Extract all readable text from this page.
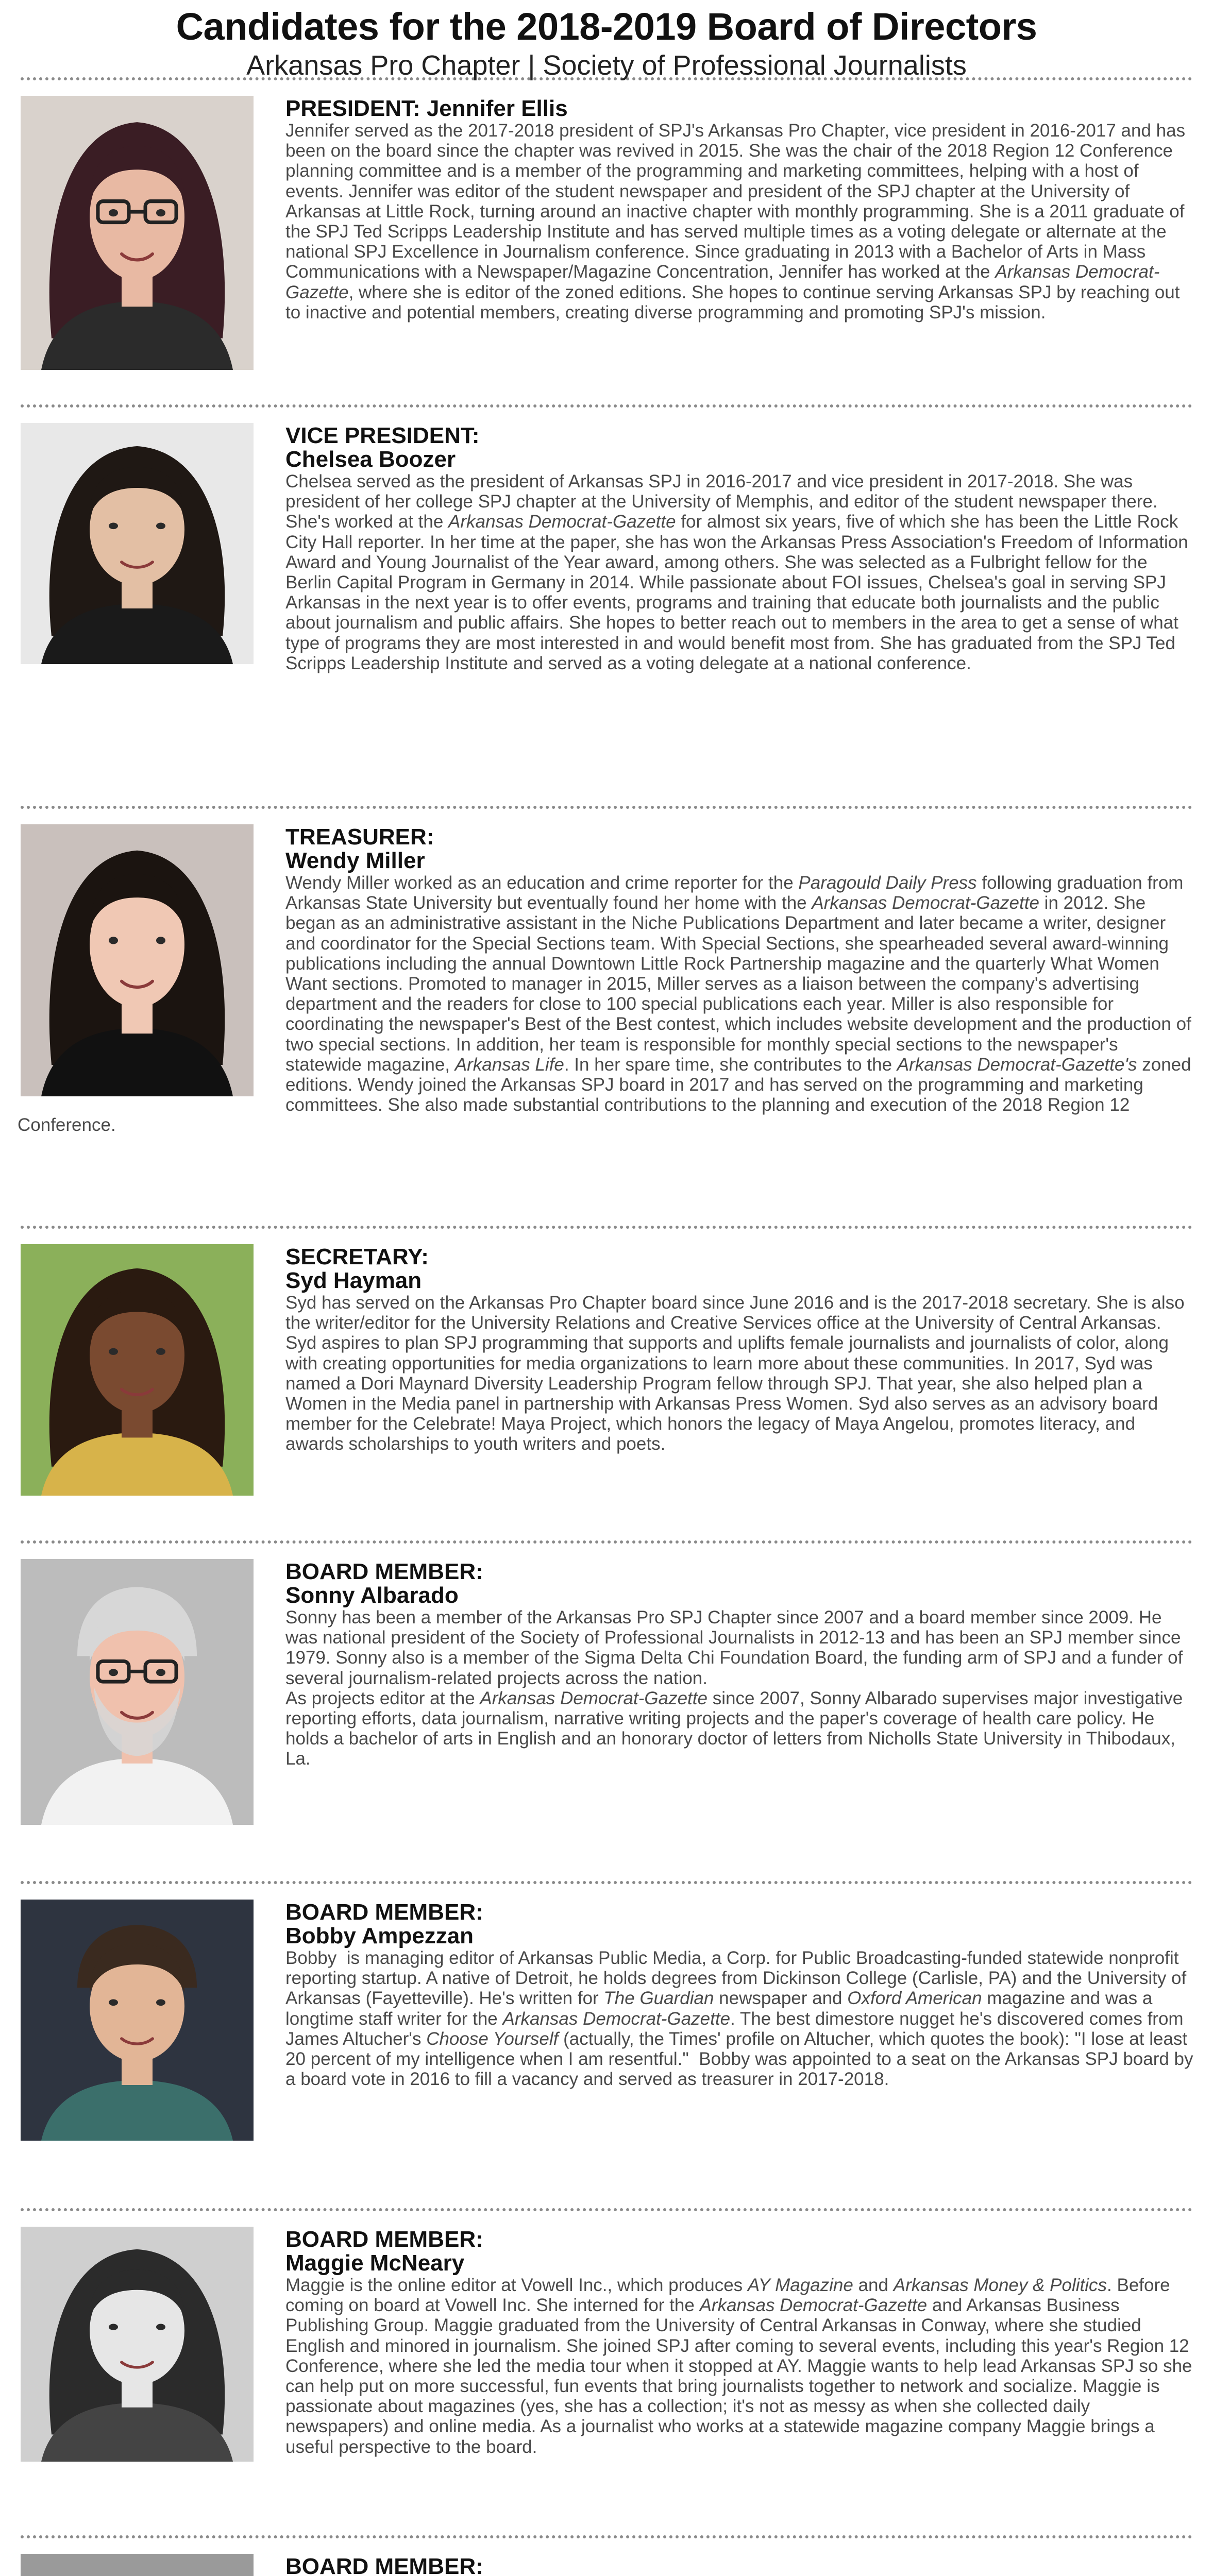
Candidates for the 2018-2019 Board of Directors
Arkansas Pro Chapter | Society of Professional Journalists
PRESIDENT: Jennifer Ellis

Jennifer served as the 2017-2018 president of SPJ's Arkansas Pro Chapter, vice president in 2016-2017 and has been on the board since the chapter was revived in 2015. She was the chair of the 2018 Region 12 Conference planning committee and is a member of the programming and marketing committees, helping with a host of events. Jennifer was editor of the student newspaper and president of the SPJ chapter at the University of Arkansas at Little Rock, turning around an inactive chapter with monthly programming. She is a 2011 graduate of the SPJ Ted Scripps Leadership Institute and has served multiple times as a voting delegate or alternate at the national SPJ Excellence in Journalism conference. Since graduating in 2013 with a Bachelor of Arts in Mass Communications with a Newspaper/Magazine Concentration, Jennifer has worked at the Arkansas Democrat-Gazette, where she is editor of the zoned editions. She hopes to continue serving Arkansas SPJ by reaching out to inactive and potential members, creating diverse programming and promoting SPJ's mission.

VICE PRESIDENT:
Chelsea Boozer

Chelsea served as the president of Arkansas SPJ in 2016-2017 and vice president in 2017-2018. She was president of her college SPJ chapter at the University of Memphis, and editor of the student newspaper there. She's worked at the Arkansas Democrat-Gazette for almost six years, five of which she has been the Little Rock City Hall reporter. In her time at the paper, she has won the Arkansas Press Association's Freedom of Information Award and Young Journalist of the Year award, among others. She was selected as a Fulbright fellow for the Berlin Capital Program in Germany in 2014. While passionate about FOI issues, Chelsea's goal in serving SPJ Arkansas in the next year is to offer events, programs and training that educate both journalists and the public about journalism and public affairs. She hopes to better reach out to members in the area to get a sense of what type of programs they are most interested in and would benefit most from. She has graduated from the SPJ Ted Scripps Leadership Institute and served as a voting delegate at a national conference.

TREASURER:
Wendy Miller

Wendy Miller worked as an education and crime reporter for the Paragould Daily Press following graduation from Arkansas State University but eventually found her home with the Arkansas Democrat-Gazette in 2012. She began as an administrative assistant in the Niche Publications Department and later became a writer, designer and coordinator for the Special Sections team. With Special Sections, she spearheaded several award-winning publications including the annual Downtown Little Rock Partnership magazine and the quarterly What Women Want sections. Promoted to manager in 2015, Miller serves as a liaison between the company's advertising department and the readers for close to 100 special publications each year. Miller is also responsible for coordinating the newspaper's Best of the Best contest, which includes website development and the production of two special sections. In addition, her team is responsible for monthly special sections to the newspaper's statewide magazine, Arkansas Life. In her spare time, she contributes to the Arkansas Democrat-Gazette's zoned editions. Wendy joined the Arkansas SPJ board in 2017 and has served on the programming and marketing committees. She also made substantial contributions to the planning and execution of the 2018 Region 12 Conference.

SECRETARY:
Syd Hayman

Syd has served on the Arkansas Pro Chapter board since June 2016 and is the 2017-2018 secretary. She is also the writer/editor for the University Relations and Creative Services office at the University of Central Arkansas. Syd aspires to plan SPJ programming that supports and uplifts female journalists and journalists of color, along with creating opportunities for media organizations to learn more about these communities. In 2017, Syd was named a Dori Maynard Diversity Leadership Program fellow through SPJ. That year, she also helped plan a Women in the Media panel in partnership with Arkansas Press Women. Syd also serves as an advisory board member for the Celebrate! Maya Project, which honors the legacy of Maya Angelou, promotes literacy, and awards scholarships to youth writers and poets.

BOARD MEMBER:
Sonny Albarado

Sonny has been a member of the Arkansas Pro SPJ Chapter since 2007 and a board member since 2009. He was national president of the Society of Professional Journalists in 2012-13 and has been an SPJ member since 1979. Sonny also is a member of the Sigma Delta Chi Foundation Board, the funding arm of SPJ and a funder of several journalism-related projects across the nation.
As projects editor at the Arkansas Democrat-Gazette since 2007, Sonny Albarado supervises major investigative reporting efforts, data journalism, narrative writing projects and the paper's coverage of health care policy. He holds a bachelor of arts in English and an honorary doctor of letters from Nicholls State University in Thibodaux, La.

BOARD MEMBER:
Bobby Ampezzan

Bobby  is managing editor of Arkansas Public Media, a Corp. for Public Broadcasting-funded statewide nonprofit reporting startup. A native of Detroit, he holds degrees from Dickinson College (Carlisle, PA) and the University of Arkansas (Fayetteville). He's written for The Guardian newspaper and Oxford American magazine and was a longtime staff writer for the Arkansas Democrat-Gazette. The best dimestore nugget he's discovered comes from James Altucher's Choose Yourself (actually, the Times' profile on Altucher, which quotes the book): "I lose at least 20 percent of my intelligence when I am resentful."  Bobby was appointed to a seat on the Arkansas SPJ board by a board vote in 2016 to fill a vacancy and served as treasurer in 2017-2018.

BOARD MEMBER:
Maggie McNeary

Maggie is the online editor at Vowell Inc., which produces AY Magazine and Arkansas Money & Politics. Before coming on board at Vowell Inc. She interned for the Arkansas Democrat-Gazette and Arkansas Business Publishing Group. Maggie graduated from the University of Central Arkansas in Conway, where she studied English and minored in journalism. She joined SPJ after coming to several events, including this year's Region 12 Conference, where she led the media tour when it stopped at AY. Maggie wants to help lead Arkansas SPJ so she can help put on more successful, fun events that bring journalists together to network and socialize. Maggie is passionate about magazines (yes, she has a collection; it's not as messy as when she collected daily newspapers) and online media. As a journalist who works at a statewide magazine company Maggie brings a useful perspective to the board.

BOARD MEMBER:
